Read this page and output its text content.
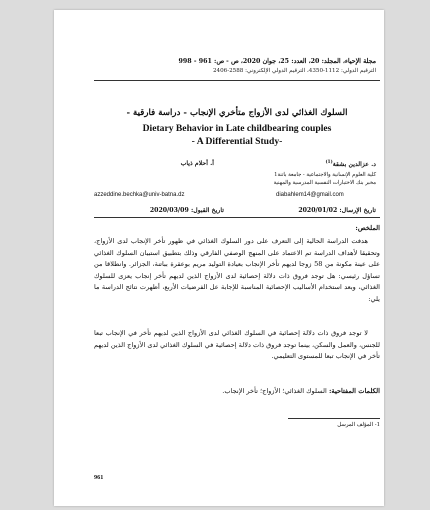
مجلة الإحياء، المجلد: 20، العدد: 25، جوان 2020، ص - ص: 961 - 998
الترقيم الدولي: 1112-4350، الترقيم الدولي الإلكتروني: 2588-2406
السلوك الغذائي لدى الأزواج متأخري الإنجاب - دراسة فارقية -
Dietary Behavior in Late childbearing couples
- A Differential Study-
د. عزالدين بشقة$^{(1)}$
أ. أحلام ذياب
كلية العلوم الإنسانية والاجتماعية - جامعة باتنة1
مخبر بنك الاختبارات النفسية المدرسية والمهنية
azzeddine.bechka@univ-batna.dz	diabahlem14@gmail.com
تاريخ الإرسال: 2020/01/02
تاريخ القبول: 2020/03/09
الملخص:
هدفت الدراسة الحالية إلى التعرف على دور السلوك الغذائي في ظهور تأخر الإنجاب لدى الأزواج، وتحقيقا لأهداف الدراسة تم الاعتماد على المنهج الوصفي الفارقي وذلك بتطبيق استبيان السلوك الغذائي على عينة مكونة من 58 زوجا لديهم تأخر الإنجاب بعيادة التوليد مريم بوعقرة بباتنة، الجزائر. وانطلاقا من تساؤل رئيسي: هل توجد فروق ذات دلالة إحصائية لدى الأزواج الذين لديهم تأخر إنجاب يعزى للسلوك الغذائي، وبعد استخدام الأساليب الإحصائية المناسبة للإجابة عل الفرضيات الأربع، أظهرت نتائج الدراسة ما يلي:
لا توجد فروق ذات دلالة إحصائية في السلوك الغذائي لدى الأزواج الذين لديهم تأخر في الإنجاب تبعا للجنس، والعمل والسكن، بينما توجد فروق ذات دلالة إحصائية في السلوك الغذائي لدى الأزواج الذين لديهم تأخر في الإنجاب تبعا للمستوى التعليمي.
الكلمات المفتاحية: السلوك الغذائي؛ الأزواج؛ تأخر الإنجاب.
1- المؤلف المرسل
961
